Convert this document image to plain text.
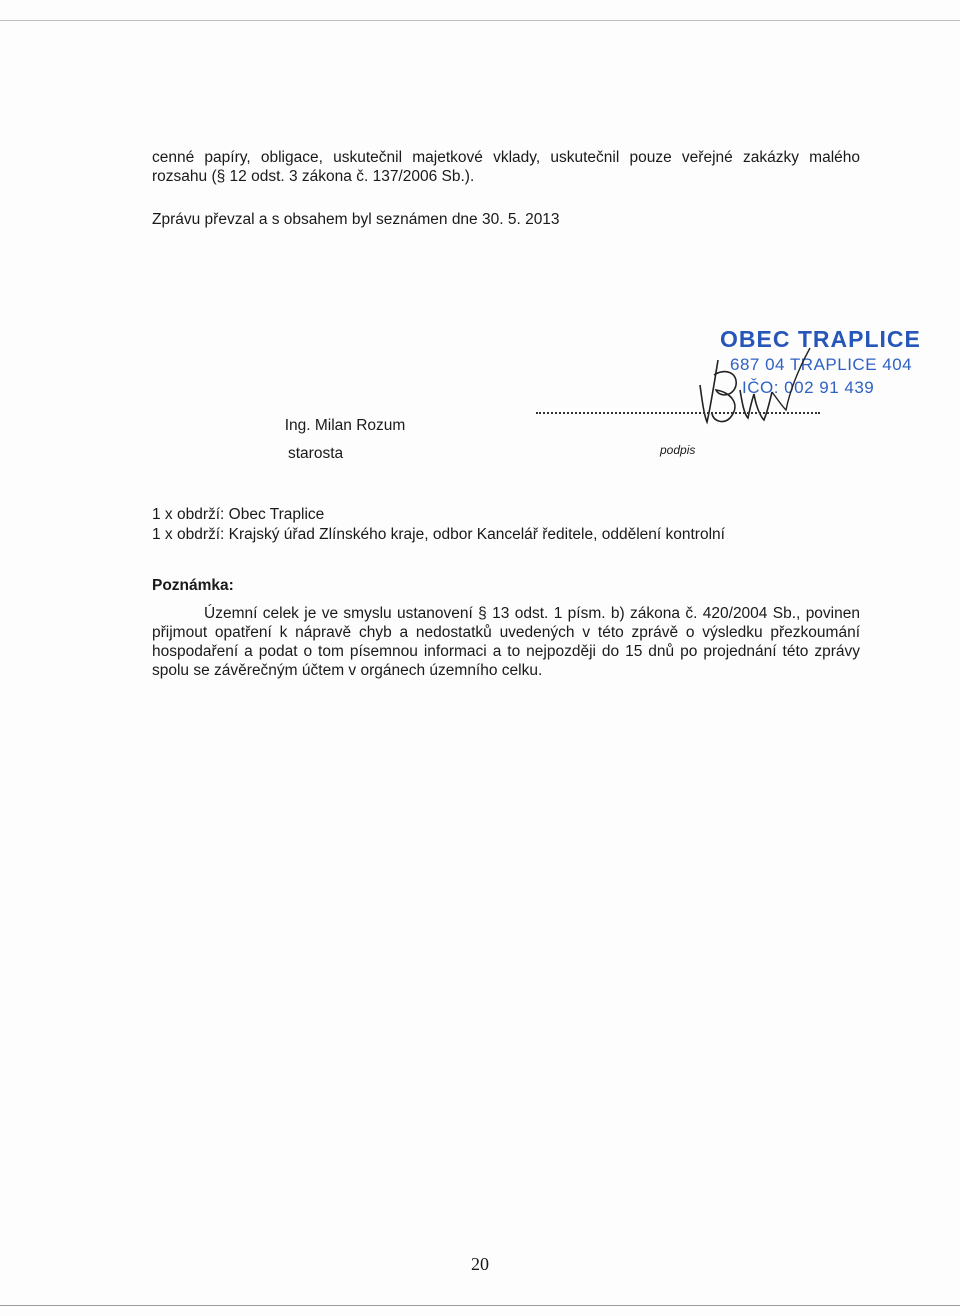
cenné papíry, obligace, uskutečnil majetkové vklady, uskutečnil pouze veřejné zakázky malého

rozsahu (§ 12 odst. 3 zákona č. 137/2006 Sb.).

Zprávu převzal a s obsahem byl seznámen dne 30. 5. 2013

OBEC TRAPLICE
687 04 TRAPLICE 404
IČO: 002 91 439

Ing. Milan Rozum

starosta	podpis

1 x obdrží: Obec Traplice

1 x obdrží: Krajský úřad Zlínského kraje, odbor Kancelář ředitele, oddělení kontrolní

Poznámka:

Územní celek je ve smyslu ustanovení § 13 odst. 1 písm. b) zákona č. 420/2004 Sb., povinen

přijmout opatření k nápravě chyb a nedostatků uvedených v této zprávě o výsledku přezkoumání

hospodaření a podat o tom písemnou informaci a to nejpozději do 15 dnů po projednání této zprávy

spolu se závěrečným účtem v orgánech územního celku.

20
